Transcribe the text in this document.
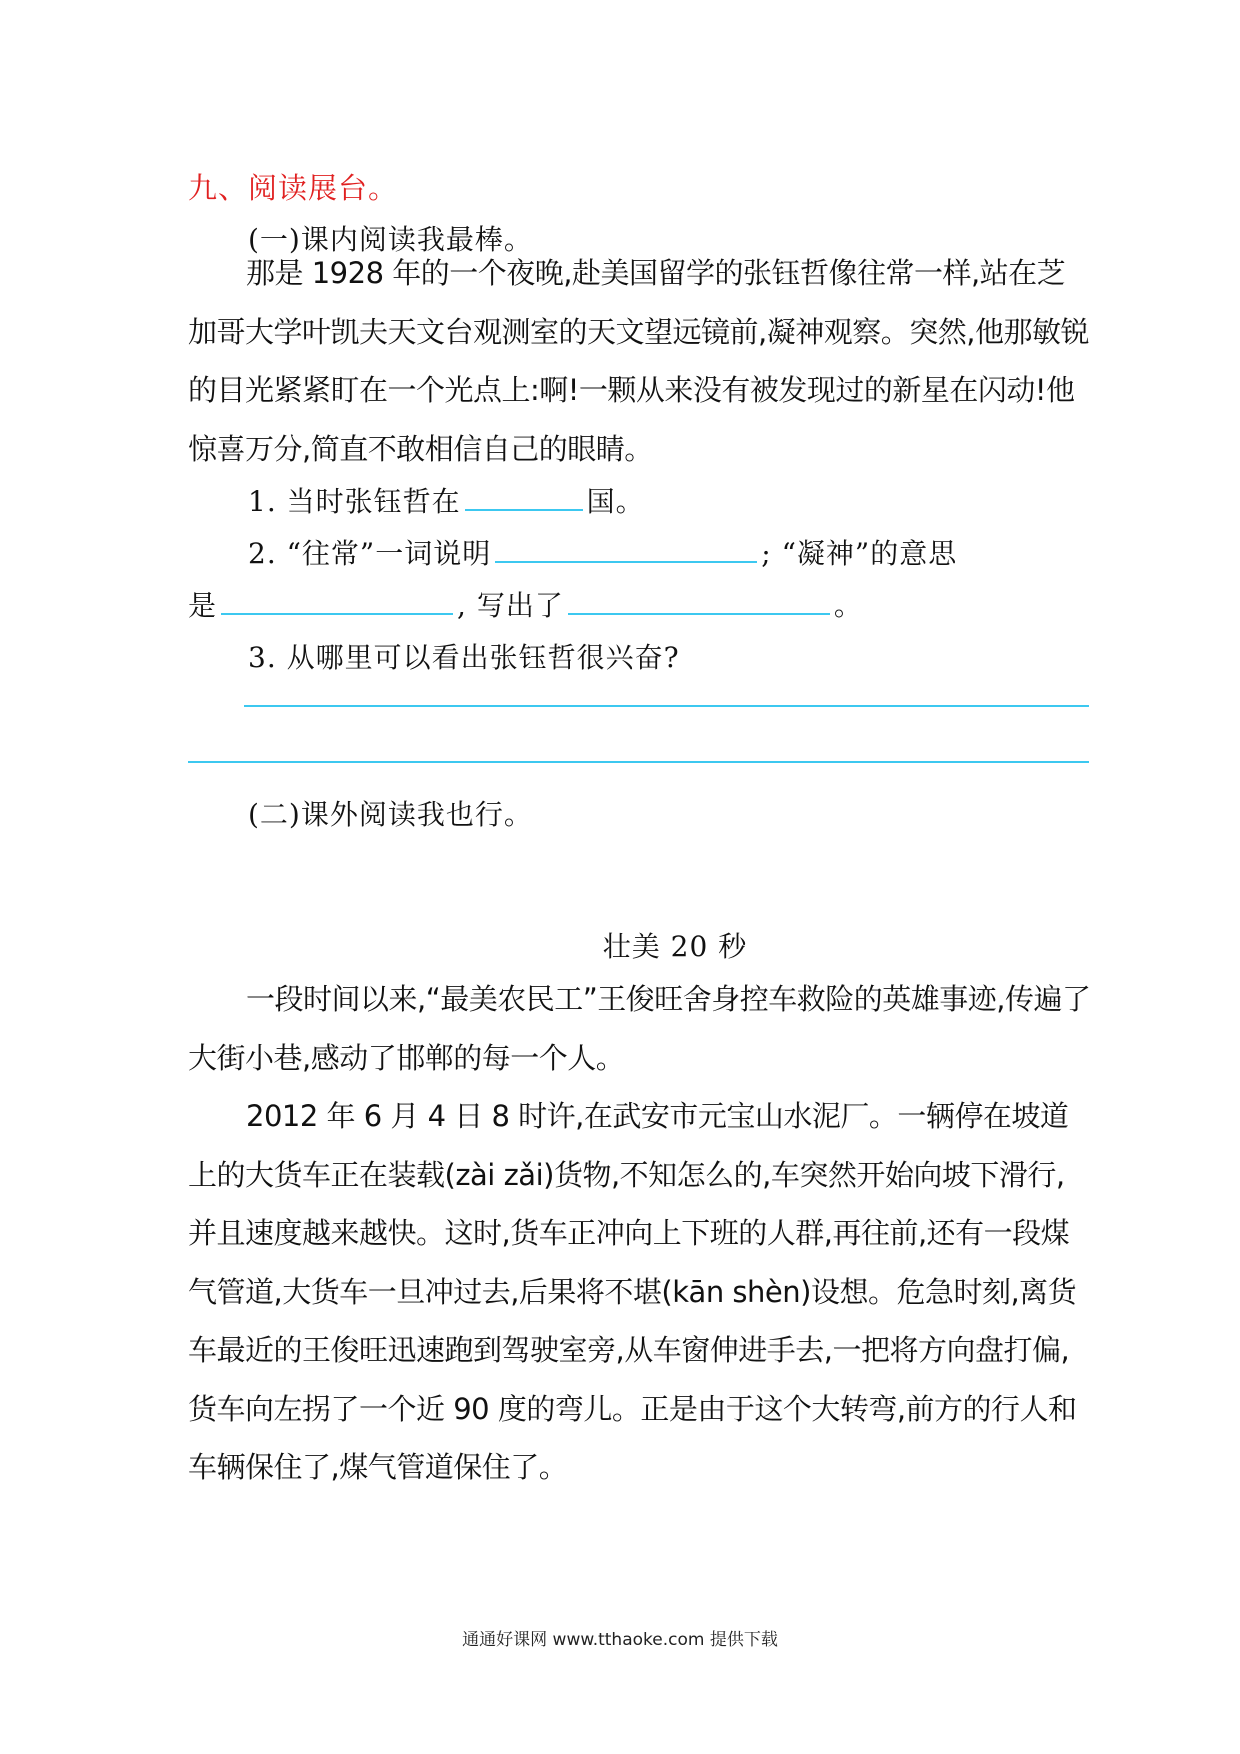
九、阅读展台。
(一)课内阅读我最棒。
那是 1928 年的一个夜晚,赴美国留学的张钰哲像往常一样,站在芝加哥大学叶凯夫天文台观测室的天文望远镜前,凝神观察。突然,他那敏锐的目光紧紧盯在一个光点上:啊!一颗从来没有被发现过的新星在闪动!他惊喜万分,简直不敢相信自己的眼睛。
1. 当时张钰哲在	国。
2. “往常”一词说明	; “凝神”的意思
是	, 写出了	。
3. 从哪里可以看出张钰哲很兴奋?
(二)课外阅读我也行。
壮美 20 秒
一段时间以来,“最美农民工”王俊旺舍身控车救险的英雄事迹,传遍了大街小巷,感动了邯郸的每一个人。
2012 年 6 月 4 日 8 时许,在武安市元宝山水泥厂。一辆停在坡道上的大货车正在装载(zài zǎi)货物,不知怎么的,车突然开始向坡下滑行,并且速度越来越快。这时,货车正冲向上下班的人群,再往前,还有一段煤气管道,大货车一旦冲过去,后果将不堪(kān shèn)设想。危急时刻,离货车最近的王俊旺迅速跑到驾驶室旁,从车窗伸进手去,一把将方向盘打偏,货车向左拐了一个近 90 度的弯儿。正是由于这个大转弯,前方的行人和车辆保住了,煤气管道保住了。
通通好课网 www.tthaoke.com 提供下载
